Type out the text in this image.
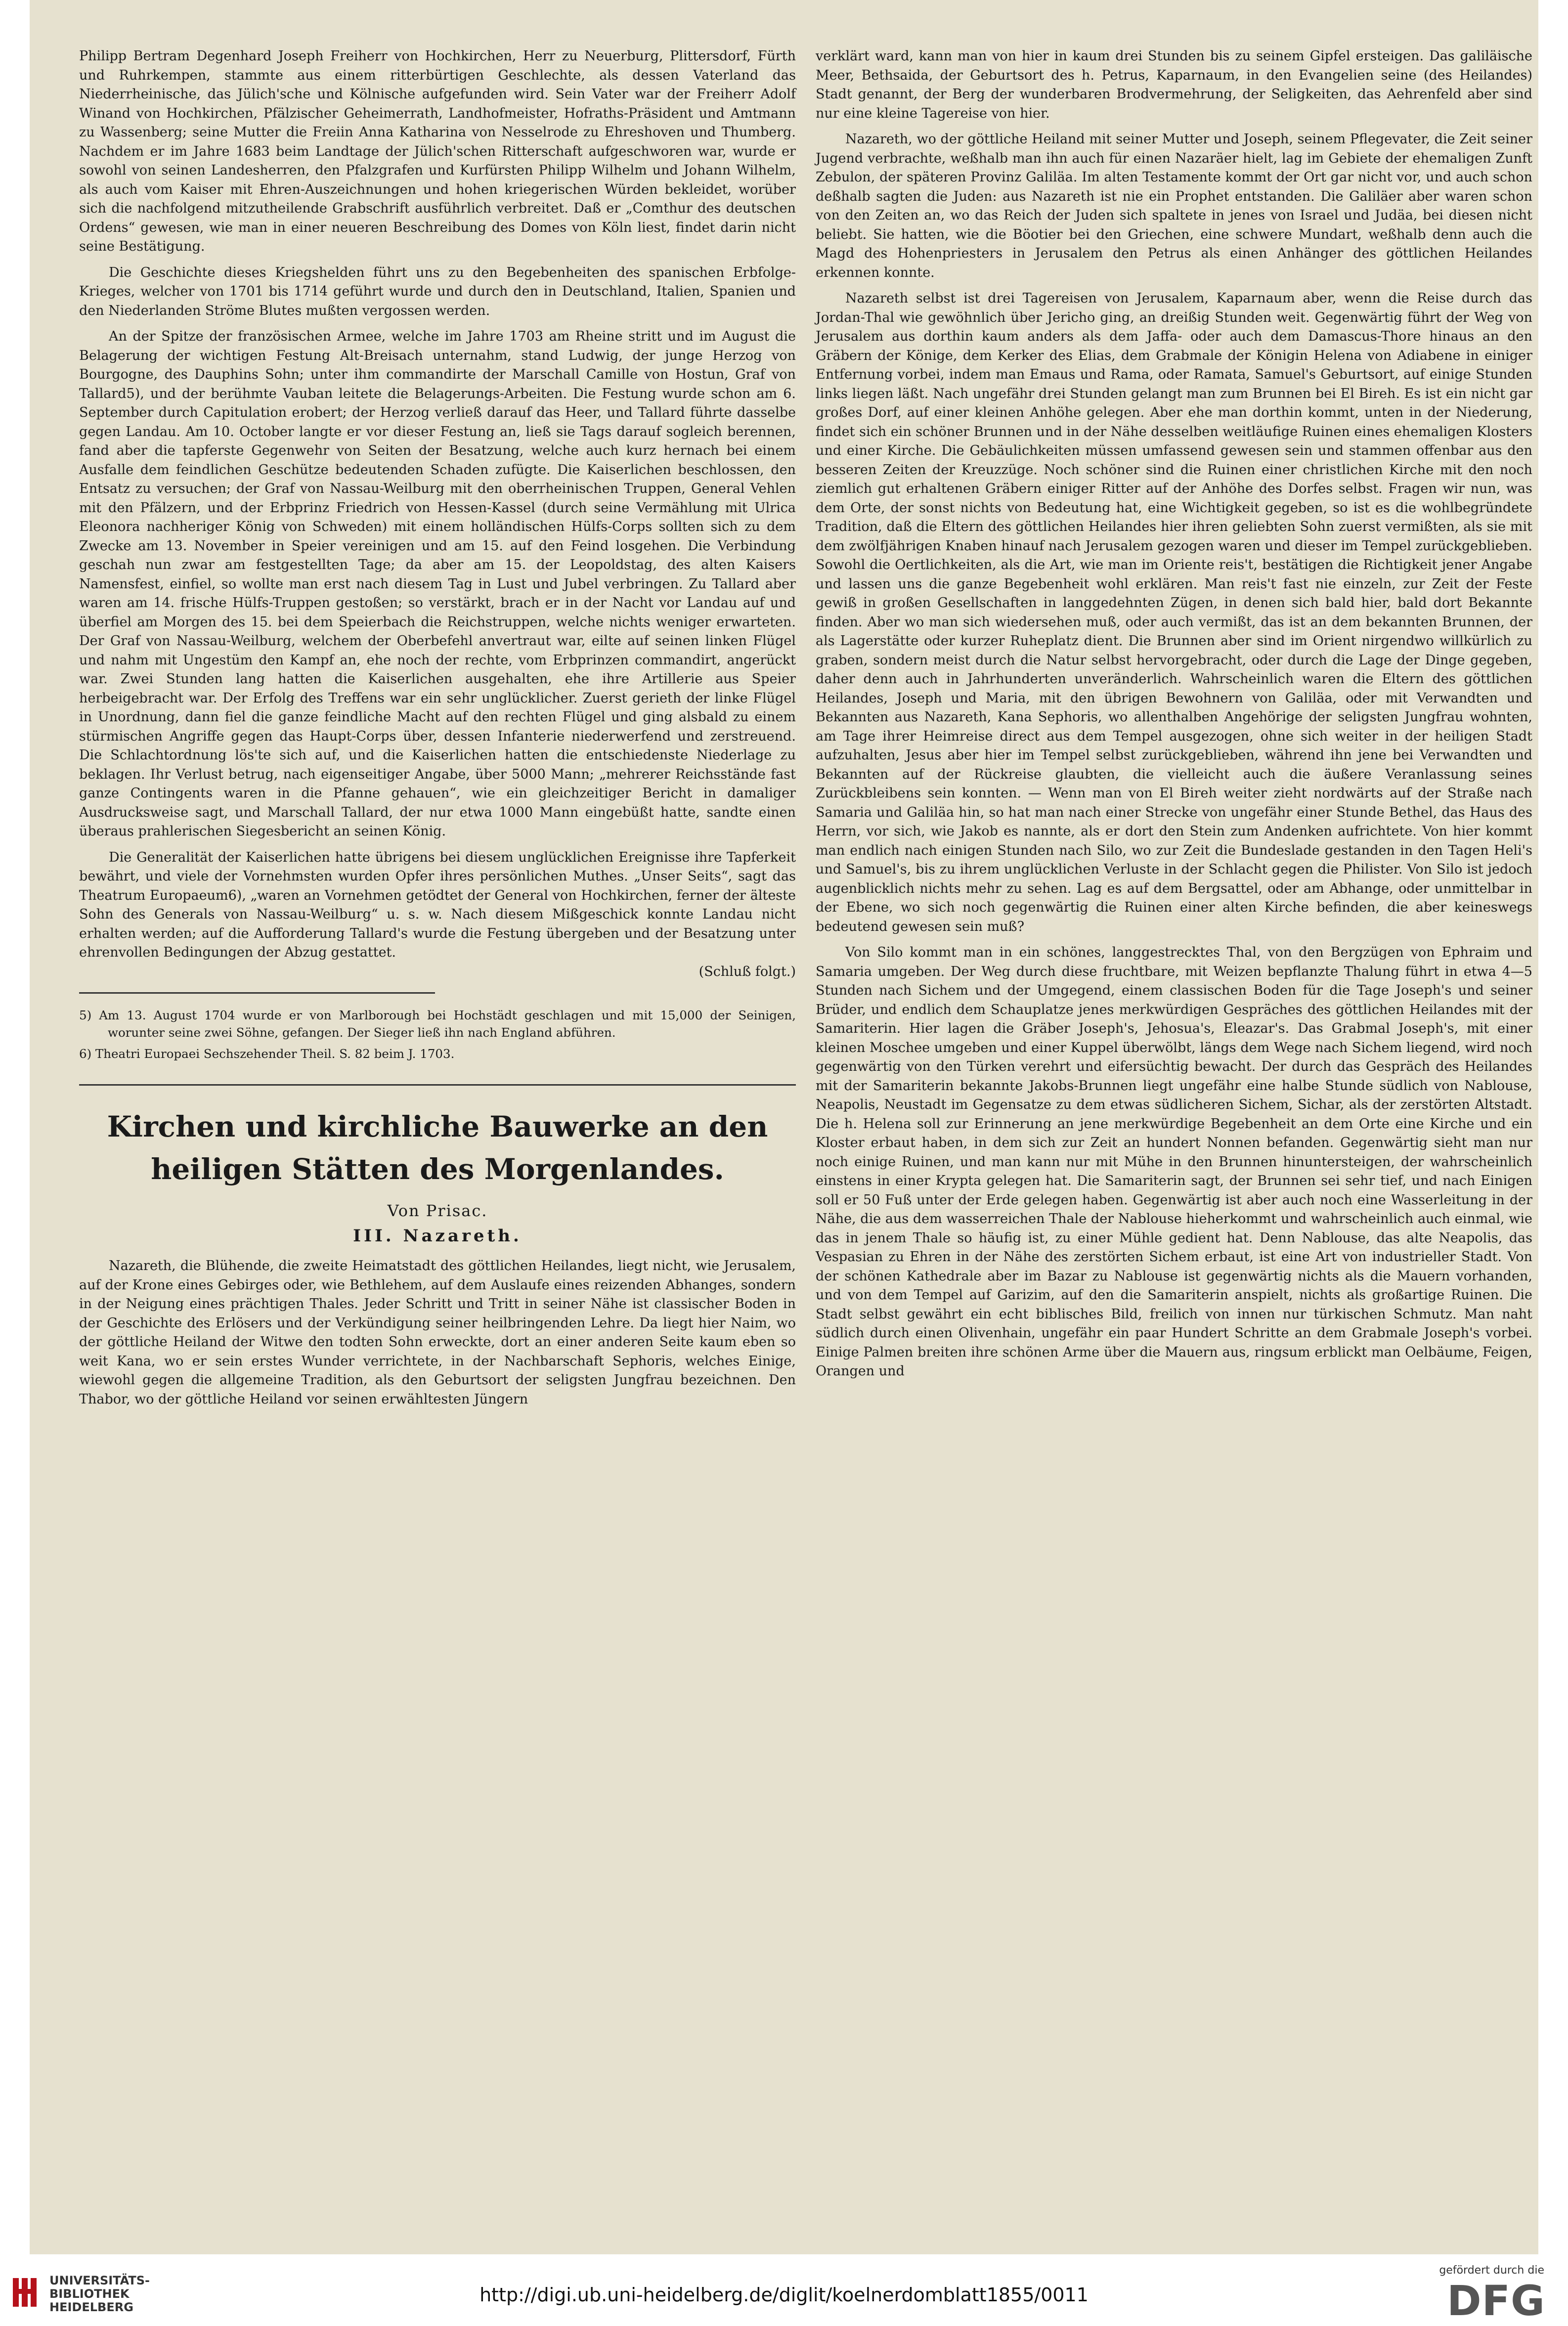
Philipp Bertram Degenhard Joseph Freiherr von Hochkirchen, Herr zu Neuerburg, Plittersdorf, Fürth und Ruhrkempen, stammte aus einem ritterbürtigen Geschlechte, als dessen Vaterland das Niederrheinische, das Jülich'sche und Kölnische aufgefunden wird. Sein Vater war der Freiherr Adolf Winand von Hochkirchen, Pfälzischer Geheimerrath, Landhofmeister, Hofraths-Präsident und Amtmann zu Wassenberg; seine Mutter die Freiin Anna Katharina von Nesselrode zu Ehreshoven und Thumberg. Nachdem er im Jahre 1683 beim Landtage der Jülich'schen Ritterschaft aufgeschworen war, wurde er sowohl von seinen Landesherren, den Pfalzgrafen und Kurfürsten Philipp Wilhelm und Johann Wilhelm, als auch vom Kaiser mit Ehren-Auszeichnungen und hohen kriegerischen Würden bekleidet, worüber sich die nachfolgend mitzutheilende Grabschrift ausführlich verbreitet. Daß er „Comthur des deutschen Ordens“ gewesen, wie man in einer neueren Beschreibung des Domes von Köln liest, findet darin nicht seine Bestätigung.

Die Geschichte dieses Kriegshelden führt uns zu den Begebenheiten des spanischen Erbfolge-Krieges, welcher von 1701 bis 1714 geführt wurde und durch den in Deutschland, Italien, Spanien und den Niederlanden Ströme Blutes mußten vergossen werden.

An der Spitze der französischen Armee, welche im Jahre 1703 am Rheine stritt und im August die Belagerung der wichtigen Festung Alt-Breisach unternahm, stand Ludwig, der junge Herzog von Bourgogne, des Dauphins Sohn; unter ihm commandirte der Marschall Camille von Hostun, Graf von Tallard5), und der berühmte Vauban leitete die Belagerungs-Arbeiten. Die Festung wurde schon am 6. September durch Capitulation erobert; der Herzog verließ darauf das Heer, und Tallard führte dasselbe gegen Landau. Am 10. October langte er vor dieser Festung an, ließ sie Tags darauf sogleich berennen, fand aber die tapferste Gegenwehr von Seiten der Besatzung, welche auch kurz hernach bei einem Ausfalle dem feindlichen Geschütze bedeutenden Schaden zufügte. Die Kaiserlichen beschlossen, den Entsatz zu versuchen; der Graf von Nassau-Weilburg mit den oberrheinischen Truppen, General Vehlen mit den Pfälzern, und der Erbprinz Friedrich von Hessen-Kassel (durch seine Vermählung mit Ulrica Eleonora nachheriger König von Schweden) mit einem holländischen Hülfs-Corps sollten sich zu dem Zwecke am 13. November in Speier vereinigen und am 15. auf den Feind losgehen. Die Verbindung geschah nun zwar am festgestellten Tage; da aber am 15. der Leopoldstag, des alten Kaisers Namensfest, einfiel, so wollte man erst nach diesem Tag in Lust und Jubel verbringen. Zu Tallard aber waren am 14. frische Hülfs-Truppen gestoßen; so verstärkt, brach er in der Nacht vor Landau auf und überfiel am Morgen des 15. bei dem Speierbach die Reichstruppen, welche nichts weniger erwarteten. Der Graf von Nassau-Weilburg, welchem der Oberbefehl anvertraut war, eilte auf seinen linken Flügel und nahm mit Ungestüm den Kampf an, ehe noch der rechte, vom Erbprinzen commandirt, angerückt war. Zwei Stunden lang hatten die Kaiserlichen ausgehalten, ehe ihre Artillerie aus Speier herbeigebracht war. Der Erfolg des Treffens war ein sehr unglücklicher. Zuerst gerieth der linke Flügel in Unordnung, dann fiel die ganze feindliche Macht auf den rechten Flügel und ging alsbald zu einem stürmischen Angriffe gegen das Haupt-Corps über, dessen Infanterie niederwerfend und zerstreuend. Die Schlachtordnung lös'te sich auf, und die Kaiserlichen hatten die entschiedenste Niederlage zu beklagen. Ihr Verlust betrug, nach eigenseitiger Angabe, über 5000 Mann; „mehrerer Reichsstände fast ganze Contingents waren in die Pfanne gehauen“, wie ein gleichzeitiger Bericht in damaliger Ausdrucksweise sagt, und Marschall Tallard, der nur etwa 1000 Mann eingebüßt hatte, sandte einen überaus prahlerischen Siegesbericht an seinen König.

Die Generalität der Kaiserlichen hatte übrigens bei diesem unglücklichen Ereignisse ihre Tapferkeit bewährt, und viele der Vornehmsten wurden Opfer ihres persönlichen Muthes. „Unser Seits“, sagt das Theatrum Europaeum6), „waren an Vornehmen getödtet der General von Hochkirchen, ferner der älteste Sohn des Generals von Nassau-Weilburg“ u. s. w. Nach diesem Mißgeschick konnte Landau nicht erhalten werden; auf die Aufforderung Tallard's wurde die Festung übergeben und der Besatzung unter ehrenvollen Bedingungen der Abzug gestattet.

(Schluß folgt.)

5) Am 13. August 1704 wurde er von Marlborough bei Hochstädt geschlagen und mit 15,000 der Seinigen, worunter seine zwei Söhne, gefangen. Der Sieger ließ ihn nach England abführen.

6) Theatri Europaei Sechszehender Theil. S. 82 beim J. 1703.

Kirchen und kirchliche Bauwerke an den heiligen Stätten des Morgenlandes.
Von Prisac.
III. Nazareth.

Nazareth, die Blühende, die zweite Heimatstadt des göttlichen Heilandes, liegt nicht, wie Jerusalem, auf der Krone eines Gebirges oder, wie Bethlehem, auf dem Auslaufe eines reizenden Abhanges, sondern in der Neigung eines prächtigen Thales. Jeder Schritt und Tritt in seiner Nähe ist classischer Boden in der Geschichte des Erlösers und der Verkündigung seiner heilbringenden Lehre. Da liegt hier Naim, wo der göttliche Heiland der Witwe den todten Sohn erweckte, dort an einer anderen Seite kaum eben so weit Kana, wo er sein erstes Wunder verrichtete, in der Nachbarschaft Sephoris, welches Einige, wiewohl gegen die allgemeine Tradition, als den Geburtsort der seligsten Jungfrau bezeichnen. Den Thabor, wo der göttliche Heiland vor seinen erwähltesten Jüngern

verklärt ward, kann man von hier in kaum drei Stunden bis zu seinem Gipfel ersteigen. Das galiläische Meer, Bethsaida, der Geburtsort des h. Petrus, Kaparnaum, in den Evangelien seine (des Heilandes) Stadt genannt, der Berg der wunderbaren Brodvermehrung, der Seligkeiten, das Aehrenfeld aber sind nur eine kleine Tagereise von hier.

Nazareth, wo der göttliche Heiland mit seiner Mutter und Joseph, seinem Pflegevater, die Zeit seiner Jugend verbrachte, weßhalb man ihn auch für einen Nazaräer hielt, lag im Gebiete der ehemaligen Zunft Zebulon, der späteren Provinz Galiläa. Im alten Testamente kommt der Ort gar nicht vor, und auch schon deßhalb sagten die Juden: aus Nazareth ist nie ein Prophet entstanden. Die Galiläer aber waren schon von den Zeiten an, wo das Reich der Juden sich spaltete in jenes von Israel und Judäa, bei diesen nicht beliebt. Sie hatten, wie die Böotier bei den Griechen, eine schwere Mundart, weßhalb denn auch die Magd des Hohenpriesters in Jerusalem den Petrus als einen Anhänger des göttlichen Heilandes erkennen konnte.

Nazareth selbst ist drei Tagereisen von Jerusalem, Kaparnaum aber, wenn die Reise durch das Jordan-Thal wie gewöhnlich über Jericho ging, an dreißig Stunden weit. Gegenwärtig führt der Weg von Jerusalem aus dorthin kaum anders als dem Jaffa- oder auch dem Damascus-Thore hinaus an den Gräbern der Könige, dem Kerker des Elias, dem Grabmale der Königin Helena von Adiabene in einiger Entfernung vorbei, indem man Emaus und Rama, oder Ramata, Samuel's Geburtsort, auf einige Stunden links liegen läßt. Nach ungefähr drei Stunden gelangt man zum Brunnen bei El Bireh. Es ist ein nicht gar großes Dorf, auf einer kleinen Anhöhe gelegen. Aber ehe man dorthin kommt, unten in der Niederung, findet sich ein schöner Brunnen und in der Nähe desselben weitläufige Ruinen eines ehemaligen Klosters und einer Kirche. Die Gebäulichkeiten müssen umfassend gewesen sein und stammen offenbar aus den besseren Zeiten der Kreuzzüge. Noch schöner sind die Ruinen einer christlichen Kirche mit den noch ziemlich gut erhaltenen Gräbern einiger Ritter auf der Anhöhe des Dorfes selbst. Fragen wir nun, was dem Orte, der sonst nichts von Bedeutung hat, eine Wichtigkeit gegeben, so ist es die wohlbegründete Tradition, daß die Eltern des göttlichen Heilandes hier ihren geliebten Sohn zuerst vermißten, als sie mit dem zwölfjährigen Knaben hinauf nach Jerusalem gezogen waren und dieser im Tempel zurückgeblieben. Sowohl die Oertlichkeiten, als die Art, wie man im Oriente reis't, bestätigen die Richtigkeit jener Angabe und lassen uns die ganze Begebenheit wohl erklären. Man reis't fast nie einzeln, zur Zeit der Feste gewiß in großen Gesellschaften in langgedehnten Zügen, in denen sich bald hier, bald dort Bekannte finden. Aber wo man sich wiedersehen muß, oder auch vermißt, das ist an dem bekannten Brunnen, der als Lagerstätte oder kurzer Ruheplatz dient. Die Brunnen aber sind im Orient nirgendwo willkürlich zu graben, sondern meist durch die Natur selbst hervorgebracht, oder durch die Lage der Dinge gegeben, daher denn auch in Jahrhunderten unveränderlich. Wahrscheinlich waren die Eltern des göttlichen Heilandes, Joseph und Maria, mit den übrigen Bewohnern von Galiläa, oder mit Verwandten und Bekannten aus Nazareth, Kana Sephoris, wo allenthalben Angehörige der seligsten Jungfrau wohnten, am Tage ihrer Heimreise direct aus dem Tempel ausgezogen, ohne sich weiter in der heiligen Stadt aufzuhalten, Jesus aber hier im Tempel selbst zurückgeblieben, während ihn jene bei Verwandten und Bekannten auf der Rückreise glaubten, die vielleicht auch die äußere Veranlassung seines Zurückbleibens sein konnten. — Wenn man von El Bireh weiter zieht nordwärts auf der Straße nach Samaria und Galiläa hin, so hat man nach einer Strecke von ungefähr einer Stunde Bethel, das Haus des Herrn, vor sich, wie Jakob es nannte, als er dort den Stein zum Andenken aufrichtete. Von hier kommt man endlich nach einigen Stunden nach Silo, wo zur Zeit die Bundeslade gestanden in den Tagen Heli's und Samuel's, bis zu ihrem unglücklichen Verluste in der Schlacht gegen die Philister. Von Silo ist jedoch augenblicklich nichts mehr zu sehen. Lag es auf dem Bergsattel, oder am Abhange, oder unmittelbar in der Ebene, wo sich noch gegenwärtig die Ruinen einer alten Kirche befinden, die aber keineswegs bedeutend gewesen sein muß?

Von Silo kommt man in ein schönes, langgestrecktes Thal, von den Bergzügen von Ephraim und Samaria umgeben. Der Weg durch diese fruchtbare, mit Weizen bepflanzte Thalung führt in etwa 4—5 Stunden nach Sichem und der Umgegend, einem classischen Boden für die Tage Joseph's und seiner Brüder, und endlich dem Schauplatze jenes merkwürdigen Gespräches des göttlichen Heilandes mit der Samariterin. Hier lagen die Gräber Joseph's, Jehosua's, Eleazar's. Das Grabmal Joseph's, mit einer kleinen Moschee umgeben und einer Kuppel überwölbt, längs dem Wege nach Sichem liegend, wird noch gegenwärtig von den Türken verehrt und eifersüchtig bewacht. Der durch das Gespräch des Heilandes mit der Samariterin bekannte Jakobs-Brunnen liegt ungefähr eine halbe Stunde südlich von Nablouse, Neapolis, Neustadt im Gegensatze zu dem etwas südlicheren Sichem, Sichar, als der zerstörten Altstadt. Die h. Helena soll zur Erinnerung an jene merkwürdige Begebenheit an dem Orte eine Kirche und ein Kloster erbaut haben, in dem sich zur Zeit an hundert Nonnen befanden. Gegenwärtig sieht man nur noch einige Ruinen, und man kann nur mit Mühe in den Brunnen hinuntersteigen, der wahrscheinlich einstens in einer Krypta gelegen hat. Die Samariterin sagt, der Brunnen sei sehr tief, und nach Einigen soll er 50 Fuß unter der Erde gelegen haben. Gegenwärtig ist aber auch noch eine Wasserleitung in der Nähe, die aus dem wasserreichen Thale der Nablouse hieherkommt und wahrscheinlich auch einmal, wie das in jenem Thale so häufig ist, zu einer Mühle gedient hat. Denn Nablouse, das alte Neapolis, das Vespasian zu Ehren in der Nähe des zerstörten Sichem erbaut, ist eine Art von industrieller Stadt. Von der schönen Kathedrale aber im Bazar zu Nablouse ist gegenwärtig nichts als die Mauern vorhanden, und von dem Tempel auf Garizim, auf den die Samariterin anspielt, nichts als großartige Ruinen. Die Stadt selbst gewährt ein echt biblisches Bild, freilich von innen nur türkischen Schmutz. Man naht südlich durch einen Olivenhain, ungefähr ein paar Hundert Schritte an dem Grabmale Joseph's vorbei. Einige Palmen breiten ihre schönen Arme über die Mauern aus, ringsum erblickt man Oelbäume, Feigen, Orangen und

UNIVERSITÄTS-
BIBLIOTHEK
HEIDELBERG
http://digi.ub.uni-heidelberg.de/diglit/koelnerdomblatt1855/0011
gefördert durch die
DFG
